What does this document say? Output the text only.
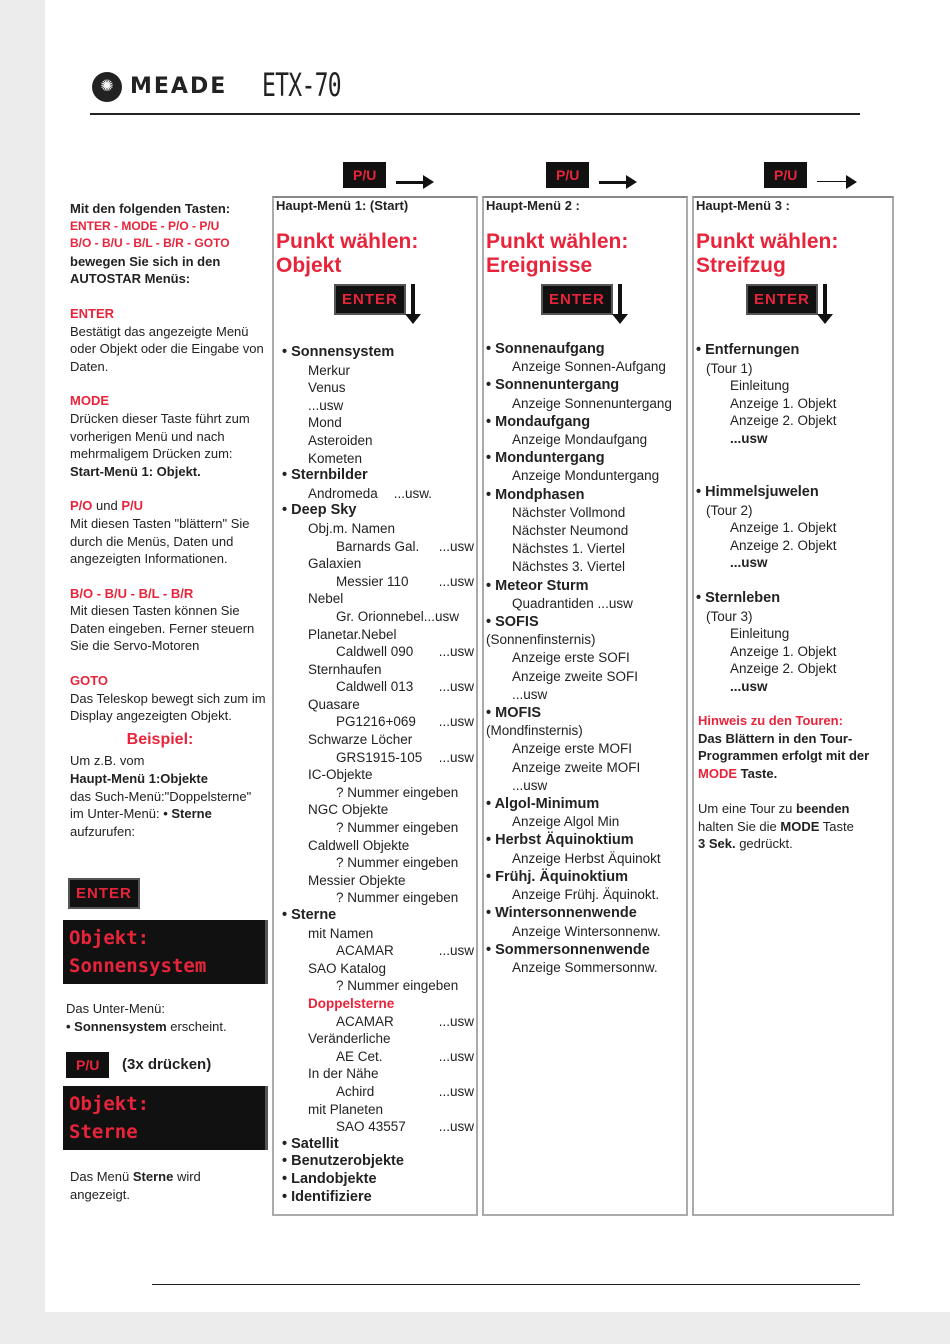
✺ MEADE ETX-70
P/U	P/U	P/U

Mit den folgenden Tasten:

ENTER - MODE - P/O - P/U

B/O - B/U - B/L - B/R - GOTO

bewegen Sie sich in den AUTOSTAR Menüs:

ENTER

Bestätigt das angezeigte Menü oder Objekt oder die Eingabe von Daten.

MODE

Drücken dieser Taste führt zum vorherigen Menü und nach mehrmaligem Drücken zum:

Start-Menü 1: Objekt.

P/O und P/U

Mit diesen Tasten "blättern" Sie durch die Menüs, Daten und angezeigten Informationen.

B/O - B/U - B/L - B/R

Mit diesen Tasten können Sie Daten eingeben. Ferner steuern Sie die Servo-Motoren

GOTO

Das Teleskop bewegt sich zum im Display angezeigten Objekt.

Beispiel:

Um z.B. vom

Haupt-Menü 1:Objekte

das Such-Menü:"Doppelsterne"

im Unter-Menü: • Sterne

aufzurufen:

ENTER
Objekt:
Sonnensystem

Das Unter-Menü:

• Sonnensystem erscheint.

P/U	(3x drücken)
Objekt:
Sterne

Das Menü Sterne wird

angezeigt.

Haupt-Menü 1: (Start)
Punkt wählen:
Objekt
ENTER
• Sonnensystem
Merkur
Venus
...usw
Mond
Asteroiden
Kometen
• Sternbilder
Andromeda ...usw.
• Deep Sky
Obj.m. Namen
Barnards Gal. ...usw
Galaxien
Messier 110 ...usw
Nebel
Gr. Orionnebel...usw
Planetar.Nebel
Caldwell 090 ...usw
Sternhaufen
Caldwell 013 ...usw
Quasare
PG1216+069 ...usw
Schwarze Löcher
GRS1915-105 ...usw
IC-Objekte
? Nummer eingeben
NGC Objekte
? Nummer eingeben
Caldwell Objekte
? Nummer eingeben
Messier Objekte
? Nummer eingeben
• Sterne
mit Namen
ACAMAR	...usw
SAO Katalog
? Nummer eingeben
Doppelsterne
ACAMAR	...usw
Veränderliche
AE Cet.	...usw
In der Nähe
Achird	...usw
mit Planeten
SAO 43557 ...usw
• Satellit
• Benutzerobjekte
• Landobjekte
• Identifiziere
Haupt-Menü 2 :
Punkt wählen:
Ereignisse
ENTER
• Sonnenaufgang
Anzeige Sonnen-Aufgang
• Sonnenuntergang
Anzeige Sonnenuntergang
• Mondaufgang
Anzeige Mondaufgang
• Monduntergang
Anzeige Monduntergang
• Mondphasen
Nächster Vollmond
Nächster Neumond
Nächstes 1. Viertel
Nächstes 3. Viertel
• Meteor Sturm
Quadrantiden ...usw
• SOFIS
(Sonnenfinsternis)
Anzeige erste SOFI
Anzeige zweite SOFI
...usw
• MOFIS
(Mondfinsternis)
Anzeige erste MOFI
Anzeige zweite MOFI
...usw
• Algol-Minimum
Anzeige Algol Min
• Herbst Äquinoktium
Anzeige Herbst Äquinokt
• Frühj. Äquinoktium
Anzeige Frühj. Äquinokt.
• Wintersonnenwende
Anzeige Wintersonnenw.
• Sommersonnenwende
Anzeige Sommersonnw.
Haupt-Menü 3 :
Punkt wählen:
Streifzug
ENTER
• Entfernungen
(Tour 1)
Einleitung
Anzeige 1. Objekt
Anzeige 2. Objekt
...usw
• Himmelsjuwelen
(Tour 2)
Anzeige 1. Objekt
Anzeige 2. Objekt
...usw
• Sternleben
(Tour 3)
Einleitung
Anzeige 1. Objekt
Anzeige 2. Objekt
...usw

Hinweis zu den Touren:

Das Blättern in den Tour-

Programmen erfolgt mit der

MODE Taste.

Um eine Tour zu beenden

halten Sie die MODE Taste

3 Sek. gedrückt.
